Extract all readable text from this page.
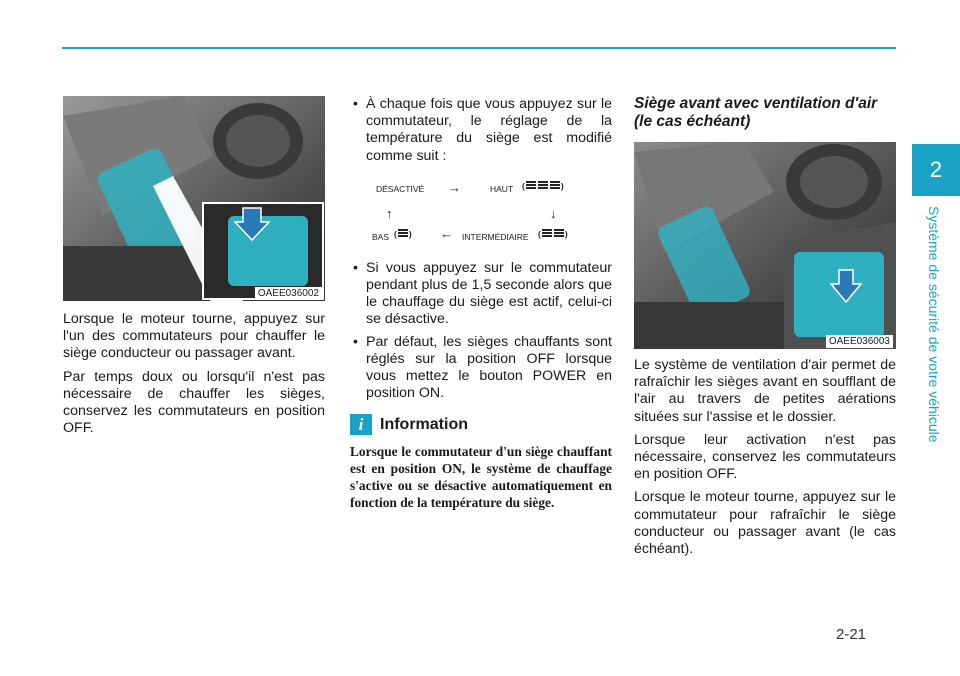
2
Système de sécurité de votre véhicule
OAEE036002

Lorsque le moteur tourne, appuyez sur l'un des commutateurs pour chauffer le siège conducteur ou passager avant.

Par temps doux ou lorsqu'il n'est pas nécessaire de chauffer les sièges, conservez les commutateurs en position OFF.

• À chaque fois que vous appuyez sur le commutateur, le réglage de la température du siège est modifié comme suit :
DÉSACTIVÉ →	HAUT (	)
↑	↓
BAS ( ) ← INTERMÉDIAIRE (	)
• Si vous appuyez sur le commutateur pendant plus de 1,5 seconde alors que le chauffage du siège est actif, celui-ci se désactive.
• Par défaut, les sièges chauffants sont réglés sur la position OFF lorsque vous mettez le bouton POWER en position ON.
i	Information
Lorsque le commutateur d'un siège chauffant est en position ON, le système de chauffage s'active ou se désactive automatiquement en fonction de la température du siège.
Siège avant avec ventilation d'air (le cas échéant)
OAEE036003

Le système de ventilation d'air permet de rafraîchir les sièges avant en soufflant de l'air au travers de petites aérations situées sur l'assise et le dossier.

Lorsque leur activation n'est pas nécessaire, conservez les commutateurs en position OFF.

Lorsque le moteur tourne, appuyez sur le commutateur pour rafraîchir le siège conducteur ou passager avant (le cas échéant).

2-21
